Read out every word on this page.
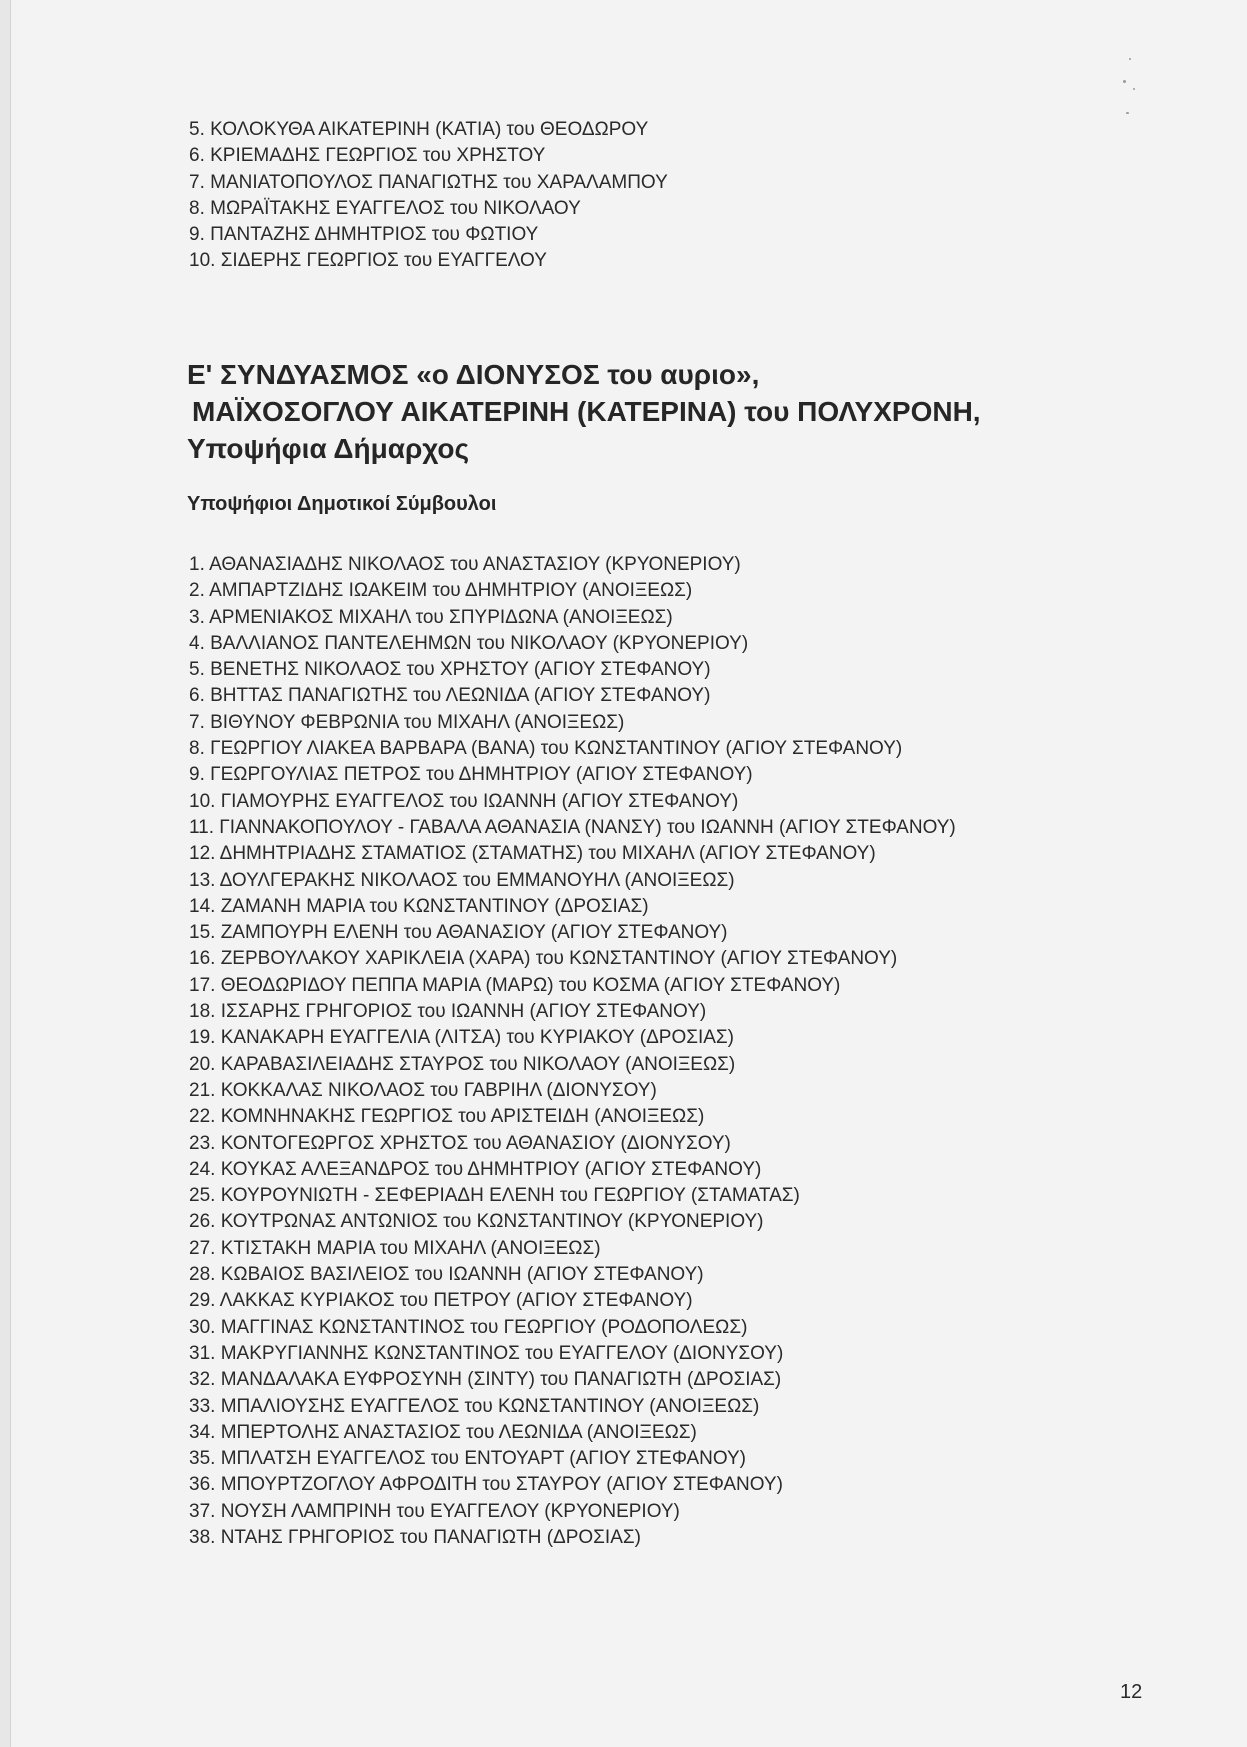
5. ΚΟΛΟΚΥΘΑ ΑΙΚΑΤΕΡΙΝΗ (ΚΑΤΙΑ) του ΘΕΟΔΩΡΟΥ
6. ΚΡΙΕΜΑΔΗΣ ΓΕΩΡΓΙΟΣ του ΧΡΗΣΤΟΥ
7. ΜΑΝΙΑΤΟΠΟΥΛΟΣ ΠΑΝΑΓΙΩΤΗΣ του ΧΑΡΑΛΑΜΠΟΥ
8. ΜΩΡΑΪΤΑΚΗΣ ΕΥΑΓΓΕΛΟΣ του ΝΙΚΟΛΑΟΥ
9. ΠΑΝΤΑΖΗΣ ΔΗΜΗΤΡΙΟΣ του ΦΩΤΙΟΥ
10. ΣΙΔΕΡΗΣ ΓΕΩΡΓΙΟΣ του ΕΥΑΓΓΕΛΟΥ
Ε' ΣΥΝΔΥΑΣΜΟΣ «ο ΔΙΟΝΥΣΟΣ του αυριο»,
ΜΑΪΧΟΣΟΓΛΟΥ ΑΙΚΑΤΕΡΙΝΗ (ΚΑΤΕΡΙΝΑ) του ΠΟΛΥΧΡΟΝΗ,
Υποψήφια Δήμαρχος
Υποψήφιοι Δημοτικοί Σύμβουλοι
1. ΑΘΑΝΑΣΙΑΔΗΣ ΝΙΚΟΛΑΟΣ του ΑΝΑΣΤΑΣΙΟΥ (ΚΡΥΟΝΕΡΙΟΥ)
2. ΑΜΠΑΡΤΖΙΔΗΣ ΙΩΑΚΕΙΜ του ΔΗΜΗΤΡΙΟΥ (ΑΝΟΙΞΕΩΣ)
3. ΑΡΜΕΝΙΑΚΟΣ ΜΙΧΑΗΛ του ΣΠΥΡΙΔΩΝΑ (ΑΝΟΙΞΕΩΣ)
4. ΒΑΛΛΙΑΝΟΣ ΠΑΝΤΕΛΕΗΜΩΝ του ΝΙΚΟΛΑΟΥ (ΚΡΥΟΝΕΡΙΟΥ)
5. ΒΕΝΕΤΗΣ ΝΙΚΟΛΑΟΣ του ΧΡΗΣΤΟΥ (ΑΓΙΟΥ ΣΤΕΦΑΝΟΥ)
6. ΒΗΤΤΑΣ ΠΑΝΑΓΙΩΤΗΣ του ΛΕΩΝΙΔΑ (ΑΓΙΟΥ ΣΤΕΦΑΝΟΥ)
7. ΒΙΘΥΝΟΥ ΦΕΒΡΩΝΙΑ του ΜΙΧΑΗΛ (ΑΝΟΙΞΕΩΣ)
8. ΓΕΩΡΓΙΟΥ ΛΙΑΚΕΑ ΒΑΡΒΑΡΑ (ΒΑΝΑ) του ΚΩΝΣΤΑΝΤΙΝΟΥ (ΑΓΙΟΥ ΣΤΕΦΑΝΟΥ)
9. ΓΕΩΡΓΟΥΛΙΑΣ ΠΕΤΡΟΣ του ΔΗΜΗΤΡΙΟΥ (ΑΓΙΟΥ ΣΤΕΦΑΝΟΥ)
10. ΓΙΑΜΟΥΡΗΣ ΕΥΑΓΓΕΛΟΣ του ΙΩΑΝΝΗ (ΑΓΙΟΥ ΣΤΕΦΑΝΟΥ)
11. ΓΙΑΝΝΑΚΟΠΟΥΛΟΥ - ΓΑΒΑΛΑ ΑΘΑΝΑΣΙΑ (ΝΑΝΣΥ) του ΙΩΑΝΝΗ (ΑΓΙΟΥ ΣΤΕΦΑΝΟΥ)
12. ΔΗΜΗΤΡΙΑΔΗΣ ΣΤΑΜΑΤΙΟΣ (ΣΤΑΜΑΤΗΣ) του ΜΙΧΑΗΛ (ΑΓΙΟΥ ΣΤΕΦΑΝΟΥ)
13. ΔΟΥΛΓΕΡΑΚΗΣ ΝΙΚΟΛΑΟΣ του ΕΜΜΑΝΟΥΗΛ (ΑΝΟΙΞΕΩΣ)
14. ΖΑΜΑΝΗ ΜΑΡΙΑ του ΚΩΝΣΤΑΝΤΙΝΟΥ (ΔΡΟΣΙΑΣ)
15. ΖΑΜΠΟΥΡΗ ΕΛΕΝΗ του ΑΘΑΝΑΣΙΟΥ (ΑΓΙΟΥ ΣΤΕΦΑΝΟΥ)
16. ΖΕΡΒΟΥΛΑΚΟΥ ΧΑΡΙΚΛΕΙΑ (ΧΑΡΑ) του ΚΩΝΣΤΑΝΤΙΝΟΥ (ΑΓΙΟΥ ΣΤΕΦΑΝΟΥ)
17. ΘΕΟΔΩΡΙΔΟΥ ΠΕΠΠΑ ΜΑΡΙΑ (ΜΑΡΩ) του ΚΟΣΜΑ (ΑΓΙΟΥ ΣΤΕΦΑΝΟΥ)
18. ΙΣΣΑΡΗΣ ΓΡΗΓΟΡΙΟΣ του ΙΩΑΝΝΗ (ΑΓΙΟΥ ΣΤΕΦΑΝΟΥ)
19. ΚΑΝΑΚΑΡΗ ΕΥΑΓΓΕΛΙΑ (ΛΙΤΣΑ) του ΚΥΡΙΑΚΟΥ (ΔΡΟΣΙΑΣ)
20. ΚΑΡΑΒΑΣΙΛΕΙΑΔΗΣ ΣΤΑΥΡΟΣ του ΝΙΚΟΛΑΟΥ (ΑΝΟΙΞΕΩΣ)
21. ΚΟΚΚΑΛΑΣ ΝΙΚΟΛΑΟΣ του ΓΑΒΡΙΗΛ (ΔΙΟΝΥΣΟΥ)
22. ΚΟΜΝΗΝΑΚΗΣ ΓΕΩΡΓΙΟΣ του ΑΡΙΣΤΕΙΔΗ (ΑΝΟΙΞΕΩΣ)
23. ΚΟΝΤΟΓΕΩΡΓΟΣ ΧΡΗΣΤΟΣ του ΑΘΑΝΑΣΙΟΥ (ΔΙΟΝΥΣΟΥ)
24. ΚΟΥΚΑΣ ΑΛΕΞΑΝΔΡΟΣ του ΔΗΜΗΤΡΙΟΥ (ΑΓΙΟΥ ΣΤΕΦΑΝΟΥ)
25. ΚΟΥΡΟΥΝΙΩΤΗ - ΣΕΦΕΡΙΑΔΗ ΕΛΕΝΗ του ΓΕΩΡΓΙΟΥ (ΣΤΑΜΑΤΑΣ)
26. ΚΟΥΤΡΩΝΑΣ ΑΝΤΩΝΙΟΣ του ΚΩΝΣΤΑΝΤΙΝΟΥ (ΚΡΥΟΝΕΡΙΟΥ)
27. ΚΤΙΣΤΑΚΗ ΜΑΡΙΑ του ΜΙΧΑΗΛ (ΑΝΟΙΞΕΩΣ)
28. ΚΩΒΑΙΟΣ ΒΑΣΙΛΕΙΟΣ του ΙΩΑΝΝΗ (ΑΓΙΟΥ ΣΤΕΦΑΝΟΥ)
29. ΛΑΚΚΑΣ ΚΥΡΙΑΚΟΣ του ΠΕΤΡΟΥ (ΑΓΙΟΥ ΣΤΕΦΑΝΟΥ)
30. ΜΑΓΓΙΝΑΣ ΚΩΝΣΤΑΝΤΙΝΟΣ του ΓΕΩΡΓΙΟΥ (ΡΟΔΟΠΟΛΕΩΣ)
31. ΜΑΚΡΥΓΙΑΝΝΗΣ ΚΩΝΣΤΑΝΤΙΝΟΣ του ΕΥΑΓΓΕΛΟΥ (ΔΙΟΝΥΣΟΥ)
32. ΜΑΝΔΑΛΑΚΑ ΕΥΦΡΟΣΥΝΗ (ΣΙΝΤΥ) του ΠΑΝΑΓΙΩΤΗ (ΔΡΟΣΙΑΣ)
33. ΜΠΑΛΙΟΥΣΗΣ ΕΥΑΓΓΕΛΟΣ του ΚΩΝΣΤΑΝΤΙΝΟΥ (ΑΝΟΙΞΕΩΣ)
34. ΜΠΕΡΤΟΛΗΣ ΑΝΑΣΤΑΣΙΟΣ του ΛΕΩΝΙΔΑ (ΑΝΟΙΞΕΩΣ)
35. ΜΠΛΑΤΣΗ ΕΥΑΓΓΕΛΟΣ του ΕΝΤΟΥΑΡΤ (ΑΓΙΟΥ ΣΤΕΦΑΝΟΥ)
36. ΜΠΟΥΡΤΖΟΓΛΟΥ ΑΦΡΟΔΙΤΗ του ΣΤΑΥΡΟΥ (ΑΓΙΟΥ ΣΤΕΦΑΝΟΥ)
37. ΝΟΥΣΗ ΛΑΜΠΡΙΝΗ του ΕΥΑΓΓΕΛΟΥ (ΚΡΥΟΝΕΡΙΟΥ)
38. ΝΤΑΗΣ ΓΡΗΓΟΡΙΟΣ του ΠΑΝΑΓΙΩΤΗ (ΔΡΟΣΙΑΣ)
12
